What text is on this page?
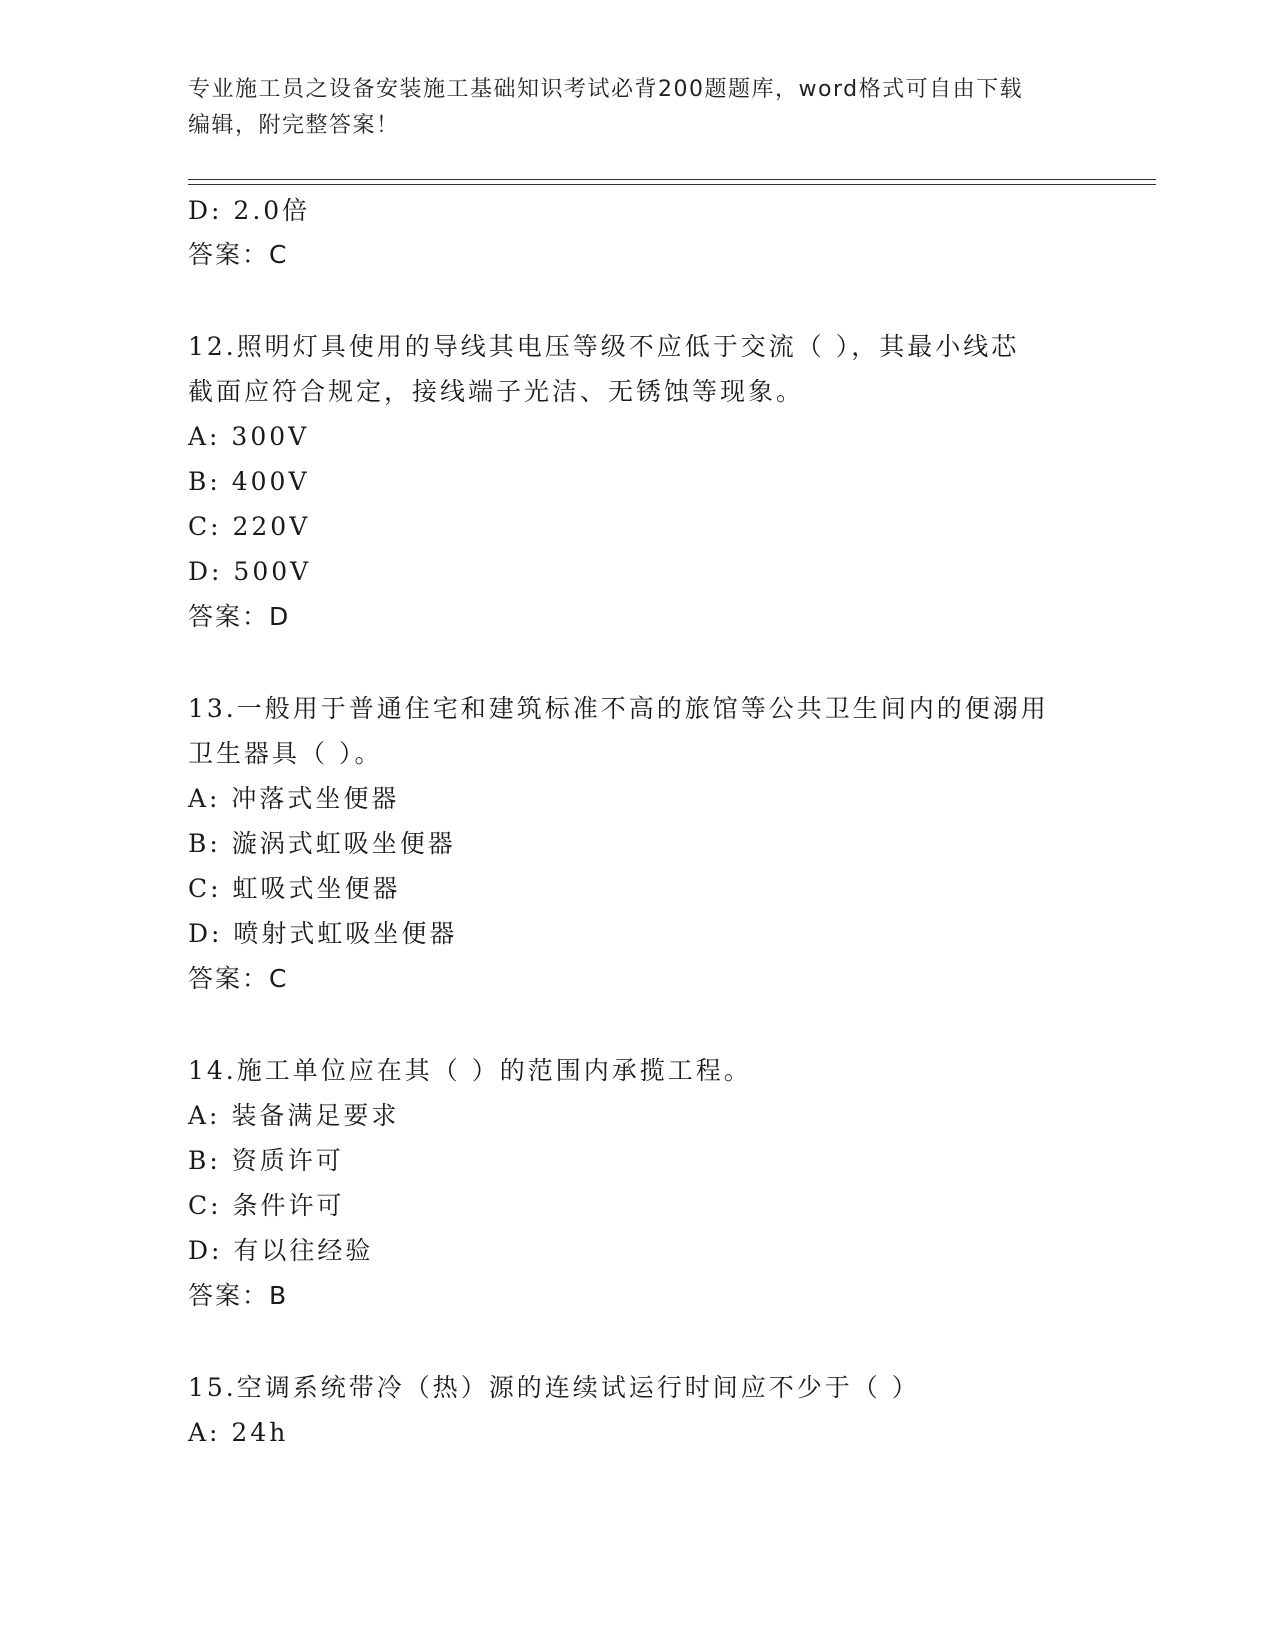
专业施工员之设备安装施工基础知识考试必背200题题库，word格式可自由下载
编辑，附完整答案！
D: 2.0倍
答案：C
12.照明灯具使用的导线其电压等级不应低于交流（ ），其最小线芯
截面应符合规定，接线端子光洁、无锈蚀等现象。
A: 300V
B: 400V
C: 220V
D: 500V
答案：D
13.一般用于普通住宅和建筑标准不高的旅馆等公共卫生间内的便溺用
卫生器具（ ）。
A: 冲落式坐便器
B: 漩涡式虹吸坐便器
C: 虹吸式坐便器
D: 喷射式虹吸坐便器
答案：C
14.施工单位应在其（ ）的范围内承揽工程。
A: 装备满足要求
B: 资质许可
C: 条件许可
D: 有以往经验
答案：B
15.空调系统带冷（热）源的连续试运行时间应不少于（ ）
A: 24h
